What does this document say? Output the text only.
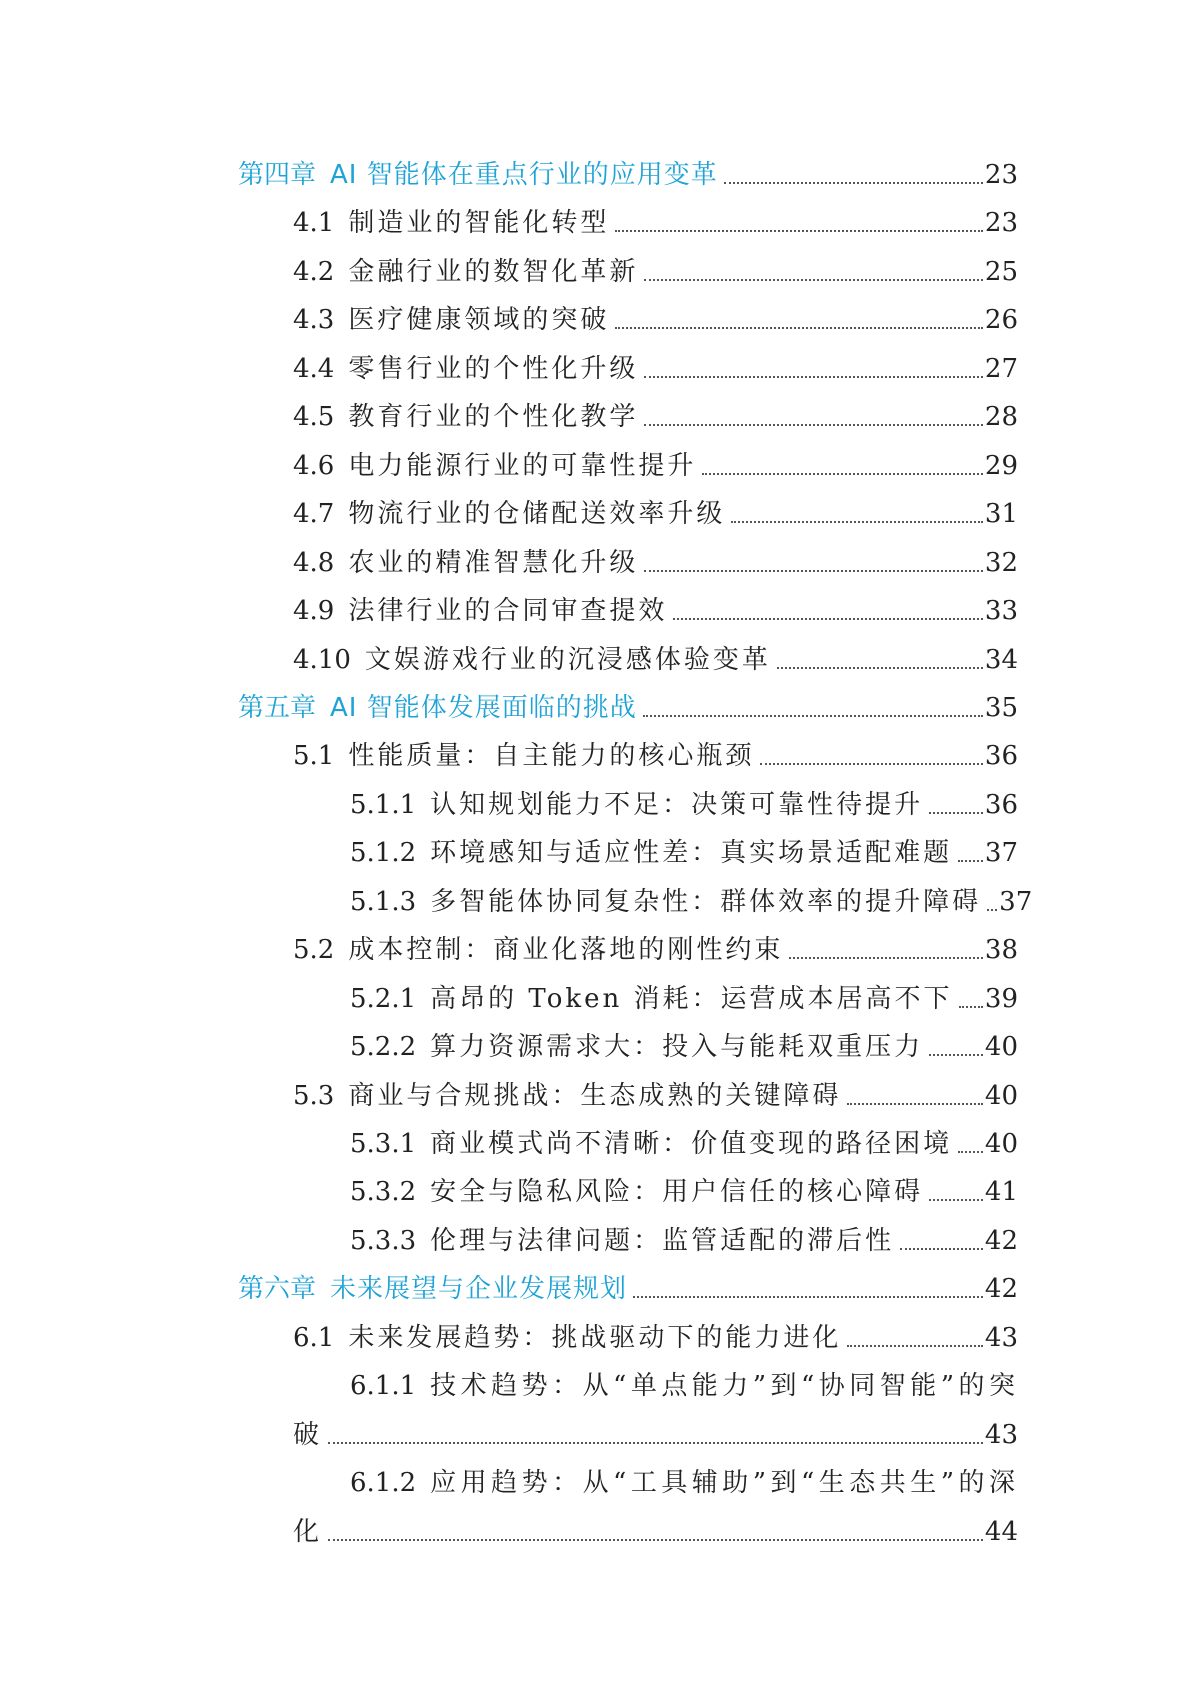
第四章 AI 智能体在重点行业的应用变革	23
4.1 制造业的智能化转型	23
4.2 金融行业的数智化革新	25
4.3 医疗健康领域的突破	26
4.4 零售行业的个性化升级	27
4.5 教育行业的个性化教学	28
4.6 电力能源行业的可靠性提升	29
4.7 物流行业的仓储配送效率升级	31
4.8 农业的精准智慧化升级	32
4.9 法律行业的合同审查提效	33
4.10 文娱游戏行业的沉浸感体验变革	34
第五章 AI 智能体发展面临的挑战	35
5.1 性能质量：自主能力的核心瓶颈	36
5.1.1 认知规划能力不足：决策可靠性待提升 36
5.1.2 环境感知与适应性差：真实场景适配难题 37
5.1.3 多智能体协同复杂性：群体效率的提升障碍 37
5.2 成本控制：商业化落地的刚性约束	38
5.2.1 高昂的 Token 消耗：运营成本居高不下 39
5.2.2 算力资源需求大：投入与能耗双重压力 40
5.3 商业与合规挑战：生态成熟的关键障碍	40
5.3.1 商业模式尚不清晰：价值变现的路径困境 40
5.3.2 安全与隐私风险：用户信任的核心障碍 41
5.3.3 伦理与法律问题：监管适配的滞后性	42
第六章 未来展望与企业发展规划	42
6.1 未来发展趋势：挑战驱动下的能力进化	43
6.1.1 技术趋势：从“单点能力”到“协同智能”的突
破	43
6.1.2 应用趋势：从“工具辅助”到“生态共生”的深
化	44
